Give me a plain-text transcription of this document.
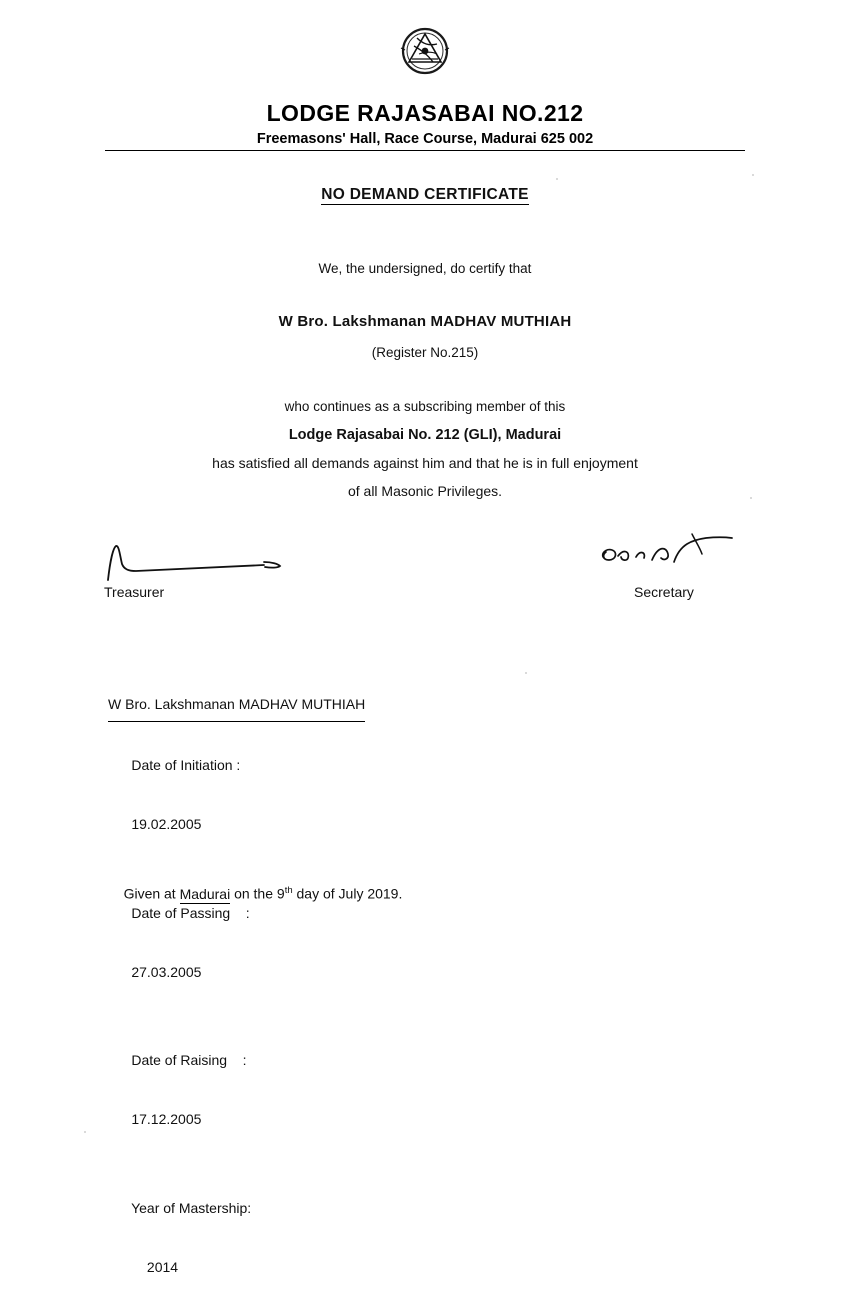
LODGE RAJASABAI NO.212
Freemasons' Hall, Race Course, Madurai 625 002
NO DEMAND CERTIFICATE
We, the undersigned, do certify that
W Bro. Lakshmanan MADHAV MUTHIAH
(Register No.215)
who continues as a subscribing member of this
Lodge Rajasabai No. 212 (GLI), Madurai
has satisfied all demands against him and that he is in full enjoyment
of all Masonic Privileges.
Treasurer	Secretary
W Bro. Lakshmanan MADHAV MUTHIAH

Date of Initiation :

19.02.2005

Date of Passing    :

27.03.2005

Date of Raising    :

17.12.2005

Year of Mastership:

2014

Given at Madurai on the 9th day of July 2019.
